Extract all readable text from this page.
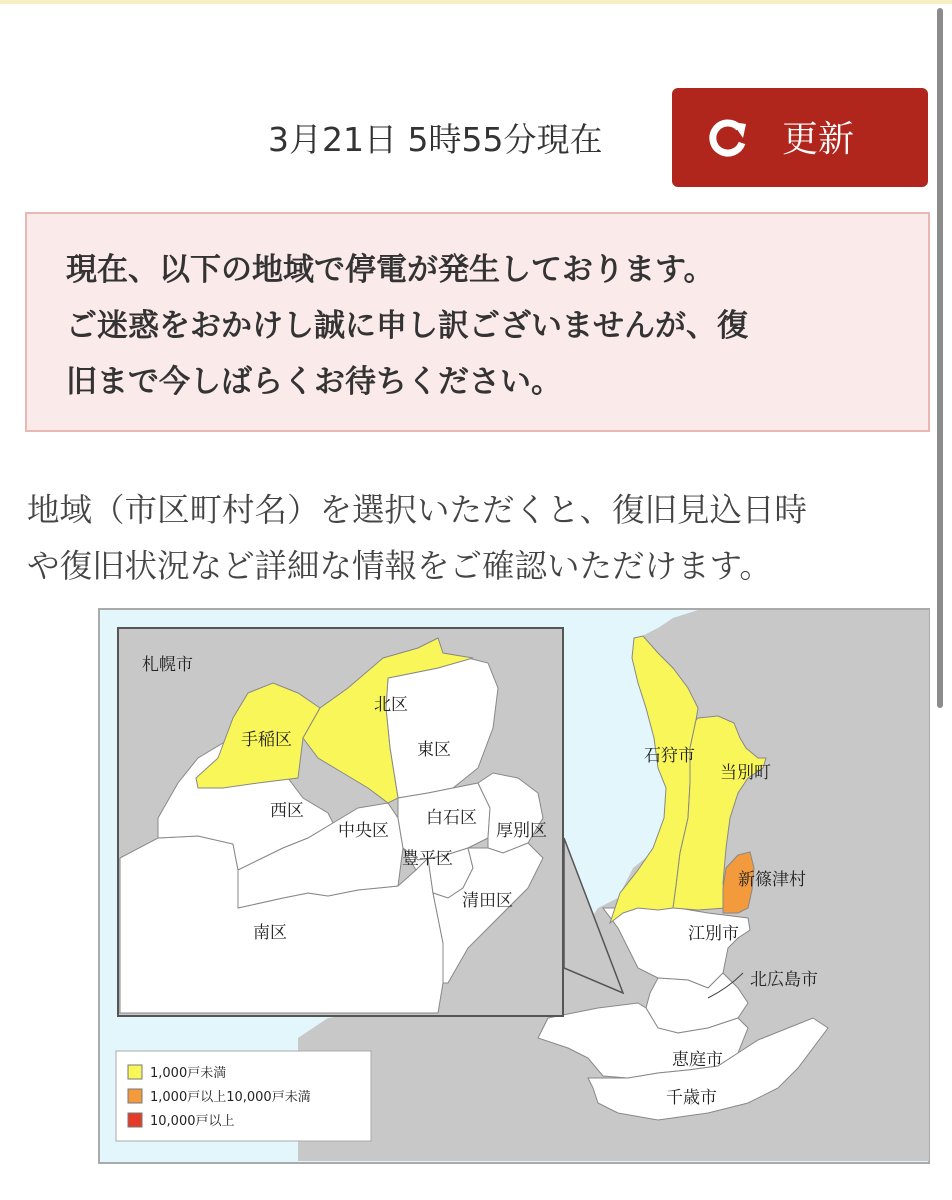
3月21日 5時55分現在	更新
現在、以下の地域で停電が発生しております。
ご迷惑をおかけし誠に申し訳ございませんが、復
旧まで今しばらくお待ちください。
地域（市区町村名）を選択いただくと、復旧見込日時
や復旧状況など詳細な情報をご確認いただけます。
1,000戸未満
1,000戸以上10,000戸未満
10,000戸以上
札幌市
手稲区
北区
東区
西区
中央区
白石区
厚別区
豊平区
清田区
南区
石狩市
当別町
新篠津村
江別市
北広島市
恵庭市
千歳市
